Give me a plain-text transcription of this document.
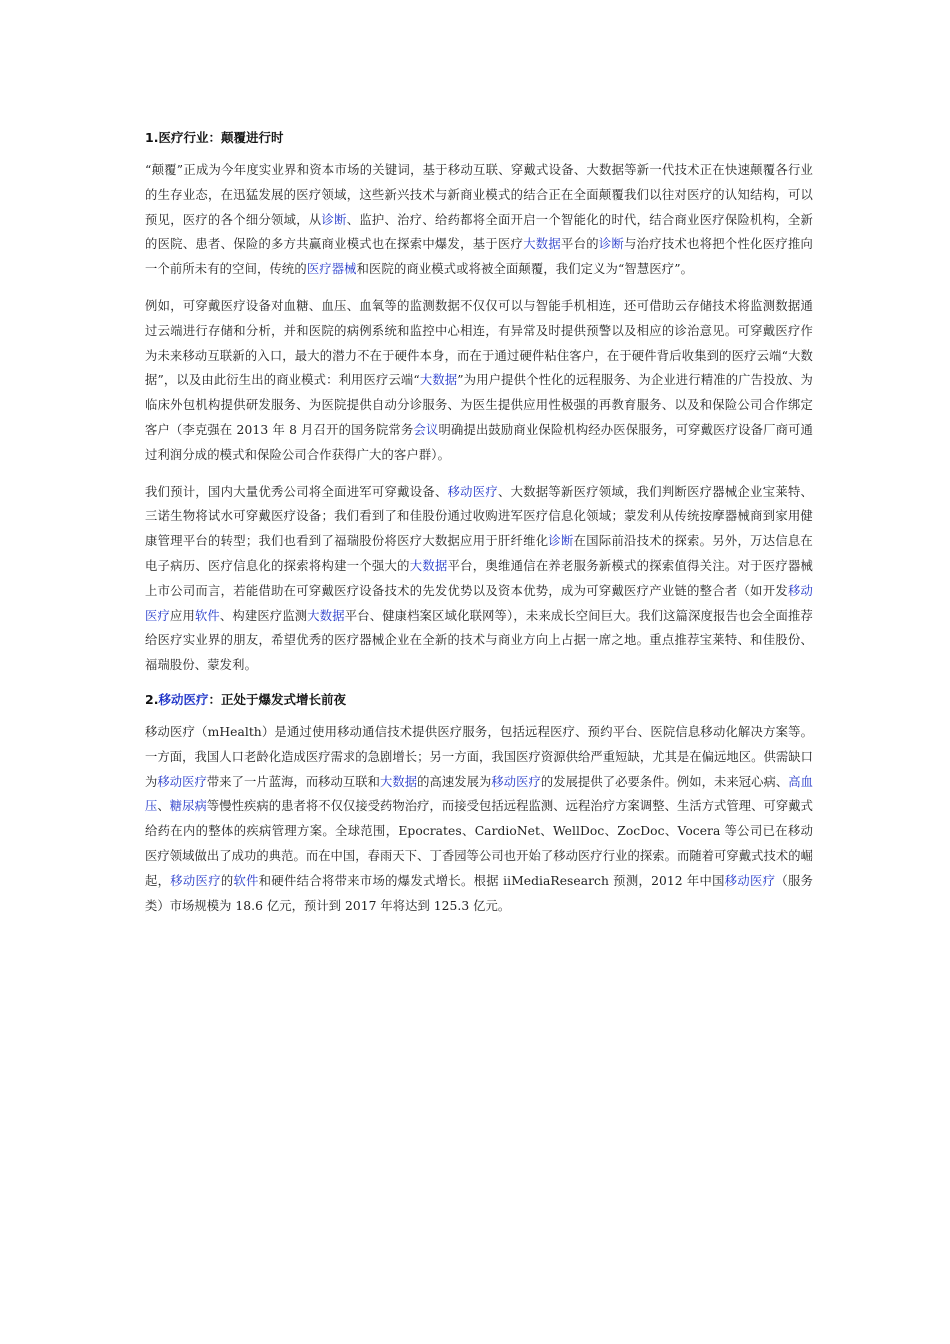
1.医疗行业：颠覆进行时

“颠覆”正成为今年度实业界和资本市场的关键词，基于移动互联、穿戴式设备、大数据等新一代技术正在快速颠覆各行业的生存业态，在迅猛发展的医疗领域，这些新兴技术与新商业模式的结合正在全面颠覆我们以往对医疗的认知结构，可以预见，医疗的各个细分领域，从诊断、监护、治疗、给药都将全面开启一个智能化的时代，结合商业医疗保险机构，全新的医院、患者、保险的多方共赢商业模式也在探索中爆发，基于医疗大数据平台的诊断与治疗技术也将把个性化医疗推向一个前所未有的空间，传统的医疗器械和医院的商业模式或将被全面颠覆，我们定义为“智慧医疗”。

例如，可穿戴医疗设备对血糖、血压、血氧等的监测数据不仅仅可以与智能手机相连，还可借助云存储技术将监测数据通过云端进行存储和分析，并和医院的病例系统和监控中心相连，有异常及时提供预警以及相应的诊治意见。可穿戴医疗作为未来移动互联新的入口，最大的潜力不在于硬件本身，而在于通过硬件粘住客户，在于硬件背后收集到的医疗云端“大数据”，以及由此衍生出的商业模式：利用医疗云端“大数据”为用户提供个性化的远程服务、为企业进行精准的广告投放、为临床外包机构提供研发服务、为医院提供自动分诊服务、为医生提供应用性极强的再教育服务、以及和保险公司合作绑定客户（李克强在 2013 年 8 月召开的国务院常务会议明确提出鼓励商业保险机构经办医保服务，可穿戴医疗设备厂商可通过利润分成的模式和保险公司合作获得广大的客户群）。

我们预计，国内大量优秀公司将全面进军可穿戴设备、移动医疗、大数据等新医疗领域，我们判断医疗器械企业宝莱特、三诺生物将试水可穿戴医疗设备；我们看到了和佳股份通过收购进军医疗信息化领域；蒙发利从传统按摩器械商到家用健康管理平台的转型；我们也看到了福瑞股份将医疗大数据应用于肝纤维化诊断在国际前沿技术的探索。另外，万达信息在电子病历、医疗信息化的探索将构建一个强大的大数据平台，奥维通信在养老服务新模式的探索值得关注。对于医疗器械上市公司而言，若能借助在可穿戴医疗设备技术的先发优势以及资本优势，成为可穿戴医疗产业链的整合者（如开发移动医疗应用软件、构建医疗监测大数据平台、健康档案区域化联网等），未来成长空间巨大。我们这篇深度报告也会全面推荐给医疗实业界的朋友，希望优秀的医疗器械企业在全新的技术与商业方向上占据一席之地。重点推荐宝莱特、和佳股份、福瑞股份、蒙发利。

2.移动医疗：正处于爆发式增长前夜

移动医疗（mHealth）是通过使用移动通信技术提供医疗服务，包括远程医疗、预约平台、医院信息移动化解决方案等。一方面，我国人口老龄化造成医疗需求的急剧增长；另一方面，我国医疗资源供给严重短缺，尤其是在偏远地区。供需缺口为移动医疗带来了一片蓝海，而移动互联和大数据的高速发展为移动医疗的发展提供了必要条件。例如，未来冠心病、高血压、糖尿病等慢性疾病的患者将不仅仅接受药物治疗，而接受包括远程监测、远程治疗方案调整、生活方式管理、可穿戴式给药在内的整体的疾病管理方案。全球范围，Epocrates、CardioNet、WellDoc、ZocDoc、Vocera 等公司已在移动医疗领域做出了成功的典范。而在中国，春雨天下、丁香园等公司也开始了移动医疗行业的探索。而随着可穿戴式技术的崛起，移动医疗的软件和硬件结合将带来市场的爆发式增长。根据 iiMediaResearch 预测，2012 年中国移动医疗（服务类）市场规模为 18.6 亿元，预计到 2017 年将达到 125.3 亿元。
